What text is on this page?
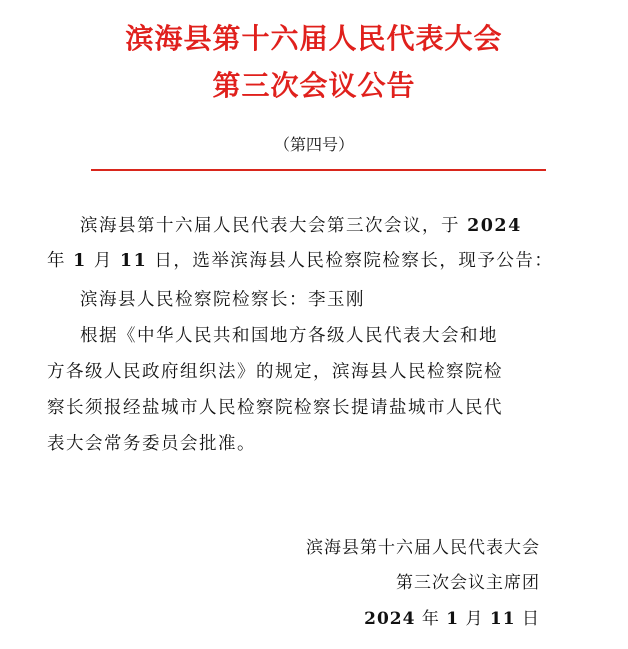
滨海县第十六届人民代表大会
第三次会议公告
（第四号）
滨海县第十六届人民代表大会第三次会议，于 2024
年 1 月 11 日，选举滨海县人民检察院检察长，现予公告：
滨海县人民检察院检察长：李玉刚
根据《中华人民共和国地方各级人民代表大会和地
方各级人民政府组织法》的规定，滨海县人民检察院检
察长须报经盐城市人民检察院检察长提请盐城市人民代
表大会常务委员会批准。
滨海县第十六届人民代表大会
第三次会议主席团
2024 年 1 月 11 日
